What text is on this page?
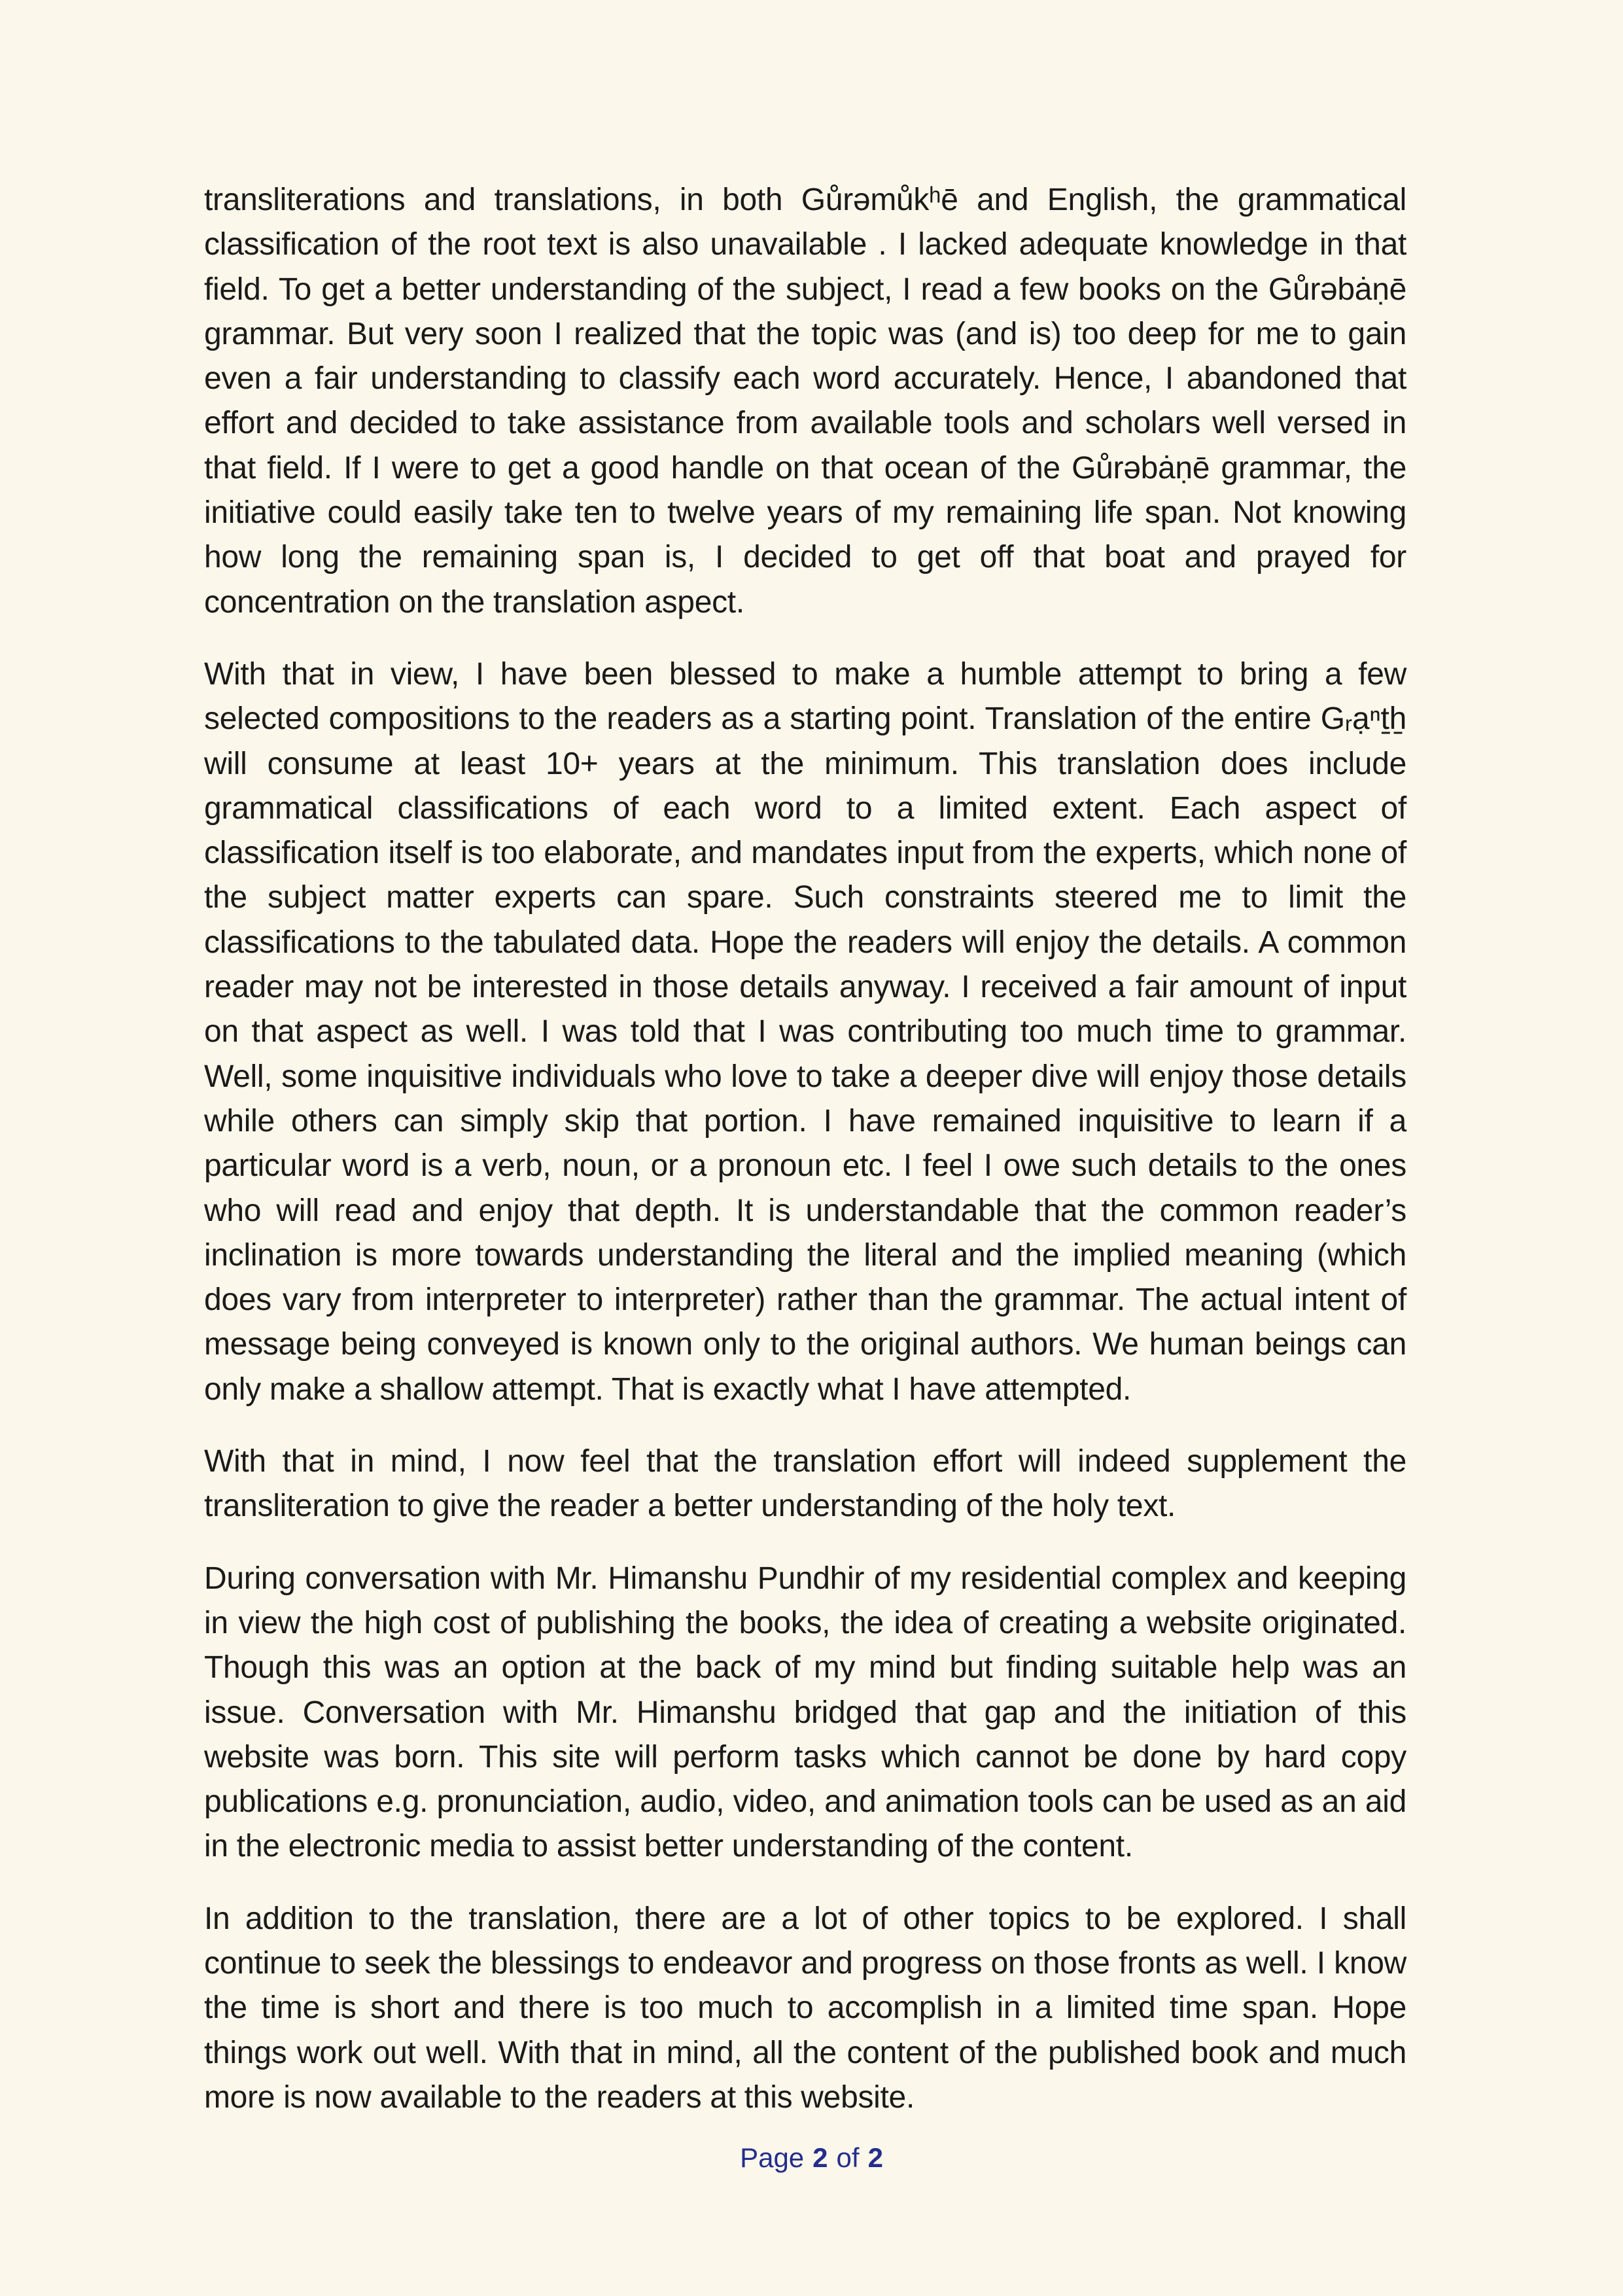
transliterations and translations, in both Gůrəmůkʰē and English, the grammatical classification of the root text is also unavailable . I lacked adequate knowledge in that field. To get a better understanding of the subject, I read a few books on the Gůrəbȧṇē grammar. But very soon I realized that the topic was (and is) too deep for me to gain even a fair understanding to classify each word accurately. Hence, I abandoned that effort and decided to take assistance from available tools and scholars well versed in that field. If I were to get a good handle on that ocean of the Gůrəbȧṇē grammar, the initiative could easily take ten to twelve years of my remaining life span. Not knowing how long the remaining span is, I decided to get off that boat and prayed for concentration on the translation aspect.

With that in view, I have been blessed to make a humble attempt to bring a few selected compositions to the readers as a starting point. Translation of the entire Gᵣạⁿṯẖ will consume at least 10+ years at the minimum. This translation does include grammatical classifications of each word to a limited extent. Each aspect of classification itself is too elaborate, and mandates input from the experts, which none of the subject matter experts can spare. Such constraints steered me to limit the classifications to the tabulated data. Hope the readers will enjoy the details. A common reader may not be interested in those details anyway. I received a fair amount of input on that aspect as well. I was told that I was contributing too much time to grammar. Well, some inquisitive individuals who love to take a deeper dive will enjoy those details while others can simply skip that portion. I have remained inquisitive to learn if a particular word is a verb, noun, or a pronoun etc. I feel I owe such details to the ones who will read and enjoy that depth. It is understandable that the common reader’s inclination is more towards understanding the literal and the implied meaning (which does vary from interpreter to interpreter) rather than the grammar. The actual intent of message being conveyed is known only to the original authors. We human beings can only make a shallow attempt. That is exactly what I have attempted.

With that in mind, I now feel that the translation effort will indeed supplement the transliteration to give the reader a better understanding of the holy text.

During conversation with Mr. Himanshu Pundhir of my residential complex and keeping in view the high cost of publishing the books, the idea of creating a website originated. Though this was an option at the back of my mind but finding suitable help was an issue. Conversation with Mr. Himanshu bridged that gap and the initiation of this website was born. This site will perform tasks which cannot be done by hard copy publications e.g. pronunciation, audio, video, and animation tools can be used as an aid in the electronic media to assist better understanding of the content.

In addition to the translation, there are a lot of other topics to be explored. I shall continue to seek the blessings to endeavor and progress on those fronts as well. I know the time is short and there is too much to accomplish in a limited time span. Hope things work out well. With that in mind, all the content of the published book and much more is now available to the readers at this website.

Page 2 of 2
